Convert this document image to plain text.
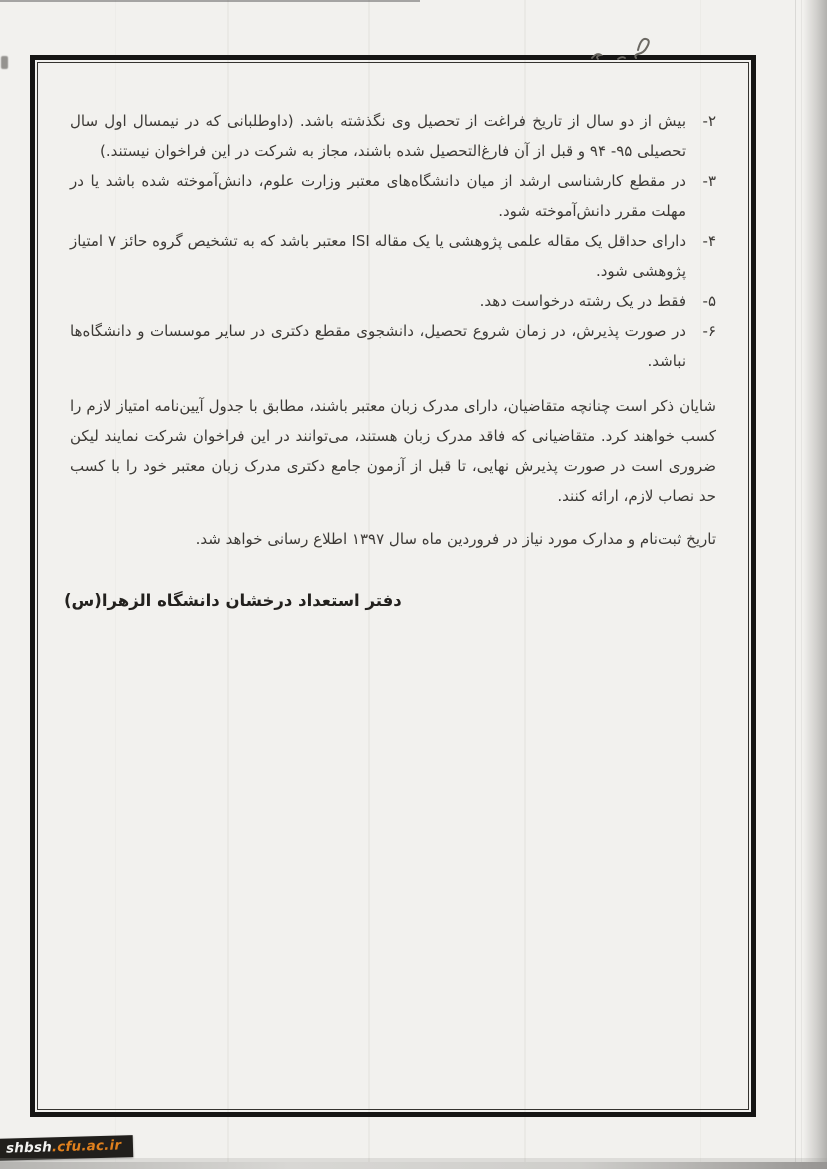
۲-
بیش از دو سال از تاریخ فراغت از تحصیل وی نگذشته باشد. (داوطلبانی که در نیمسال اول سال تحصیلی ۹۵- ۹۴ و قبل از آن فارغ‌التحصیل شده باشند، مجاز به شرکت در این فراخوان نیستند.)
۳-
در مقطع کارشناسی ارشد از میان دانشگاه‌های معتبر وزارت علوم، دانش‌آموخته شده باشد یا در مهلت مقرر دانش‌آموخته شود.
۴-
دارای حداقل یک مقاله علمی پژوهشی یا یک مقاله ISI معتبر باشد که به تشخیص گروه حائز ۷ امتیاز پژوهشی شود.
۵-
فقط در یک رشته درخواست دهد.
۶-
در صورت پذیرش، در زمان شروع تحصیل، دانشجوی مقطع دکتری در سایر موسسات و دانشگاه‌ها نباشد.

شایان ذکر است چنانچه متقاضیان، دارای مدرک زبان معتبر باشند، مطابق با جدول آیین‌نامه امتیاز لازم را کسب خواهند کرد. متقاضیانی که فاقد مدرک زبان هستند، می‌توانند در این فراخوان شرکت نمایند لیکن ضروری است در صورت پذیرش نهایی، تا قبل از آزمون جامع دکتری مدرک زبان معتبر خود را با کسب حد نصاب لازم، ارائه کنند.

تاریخ ثبت‌نام و مدارک مورد نیاز در فروردین ماه سال ۱۳۹۷ اطلاع رسانی خواهد شد.

دفتر استعداد درخشان دانشگاه الزهرا(س)
shbsh.cfu.ac.ir
